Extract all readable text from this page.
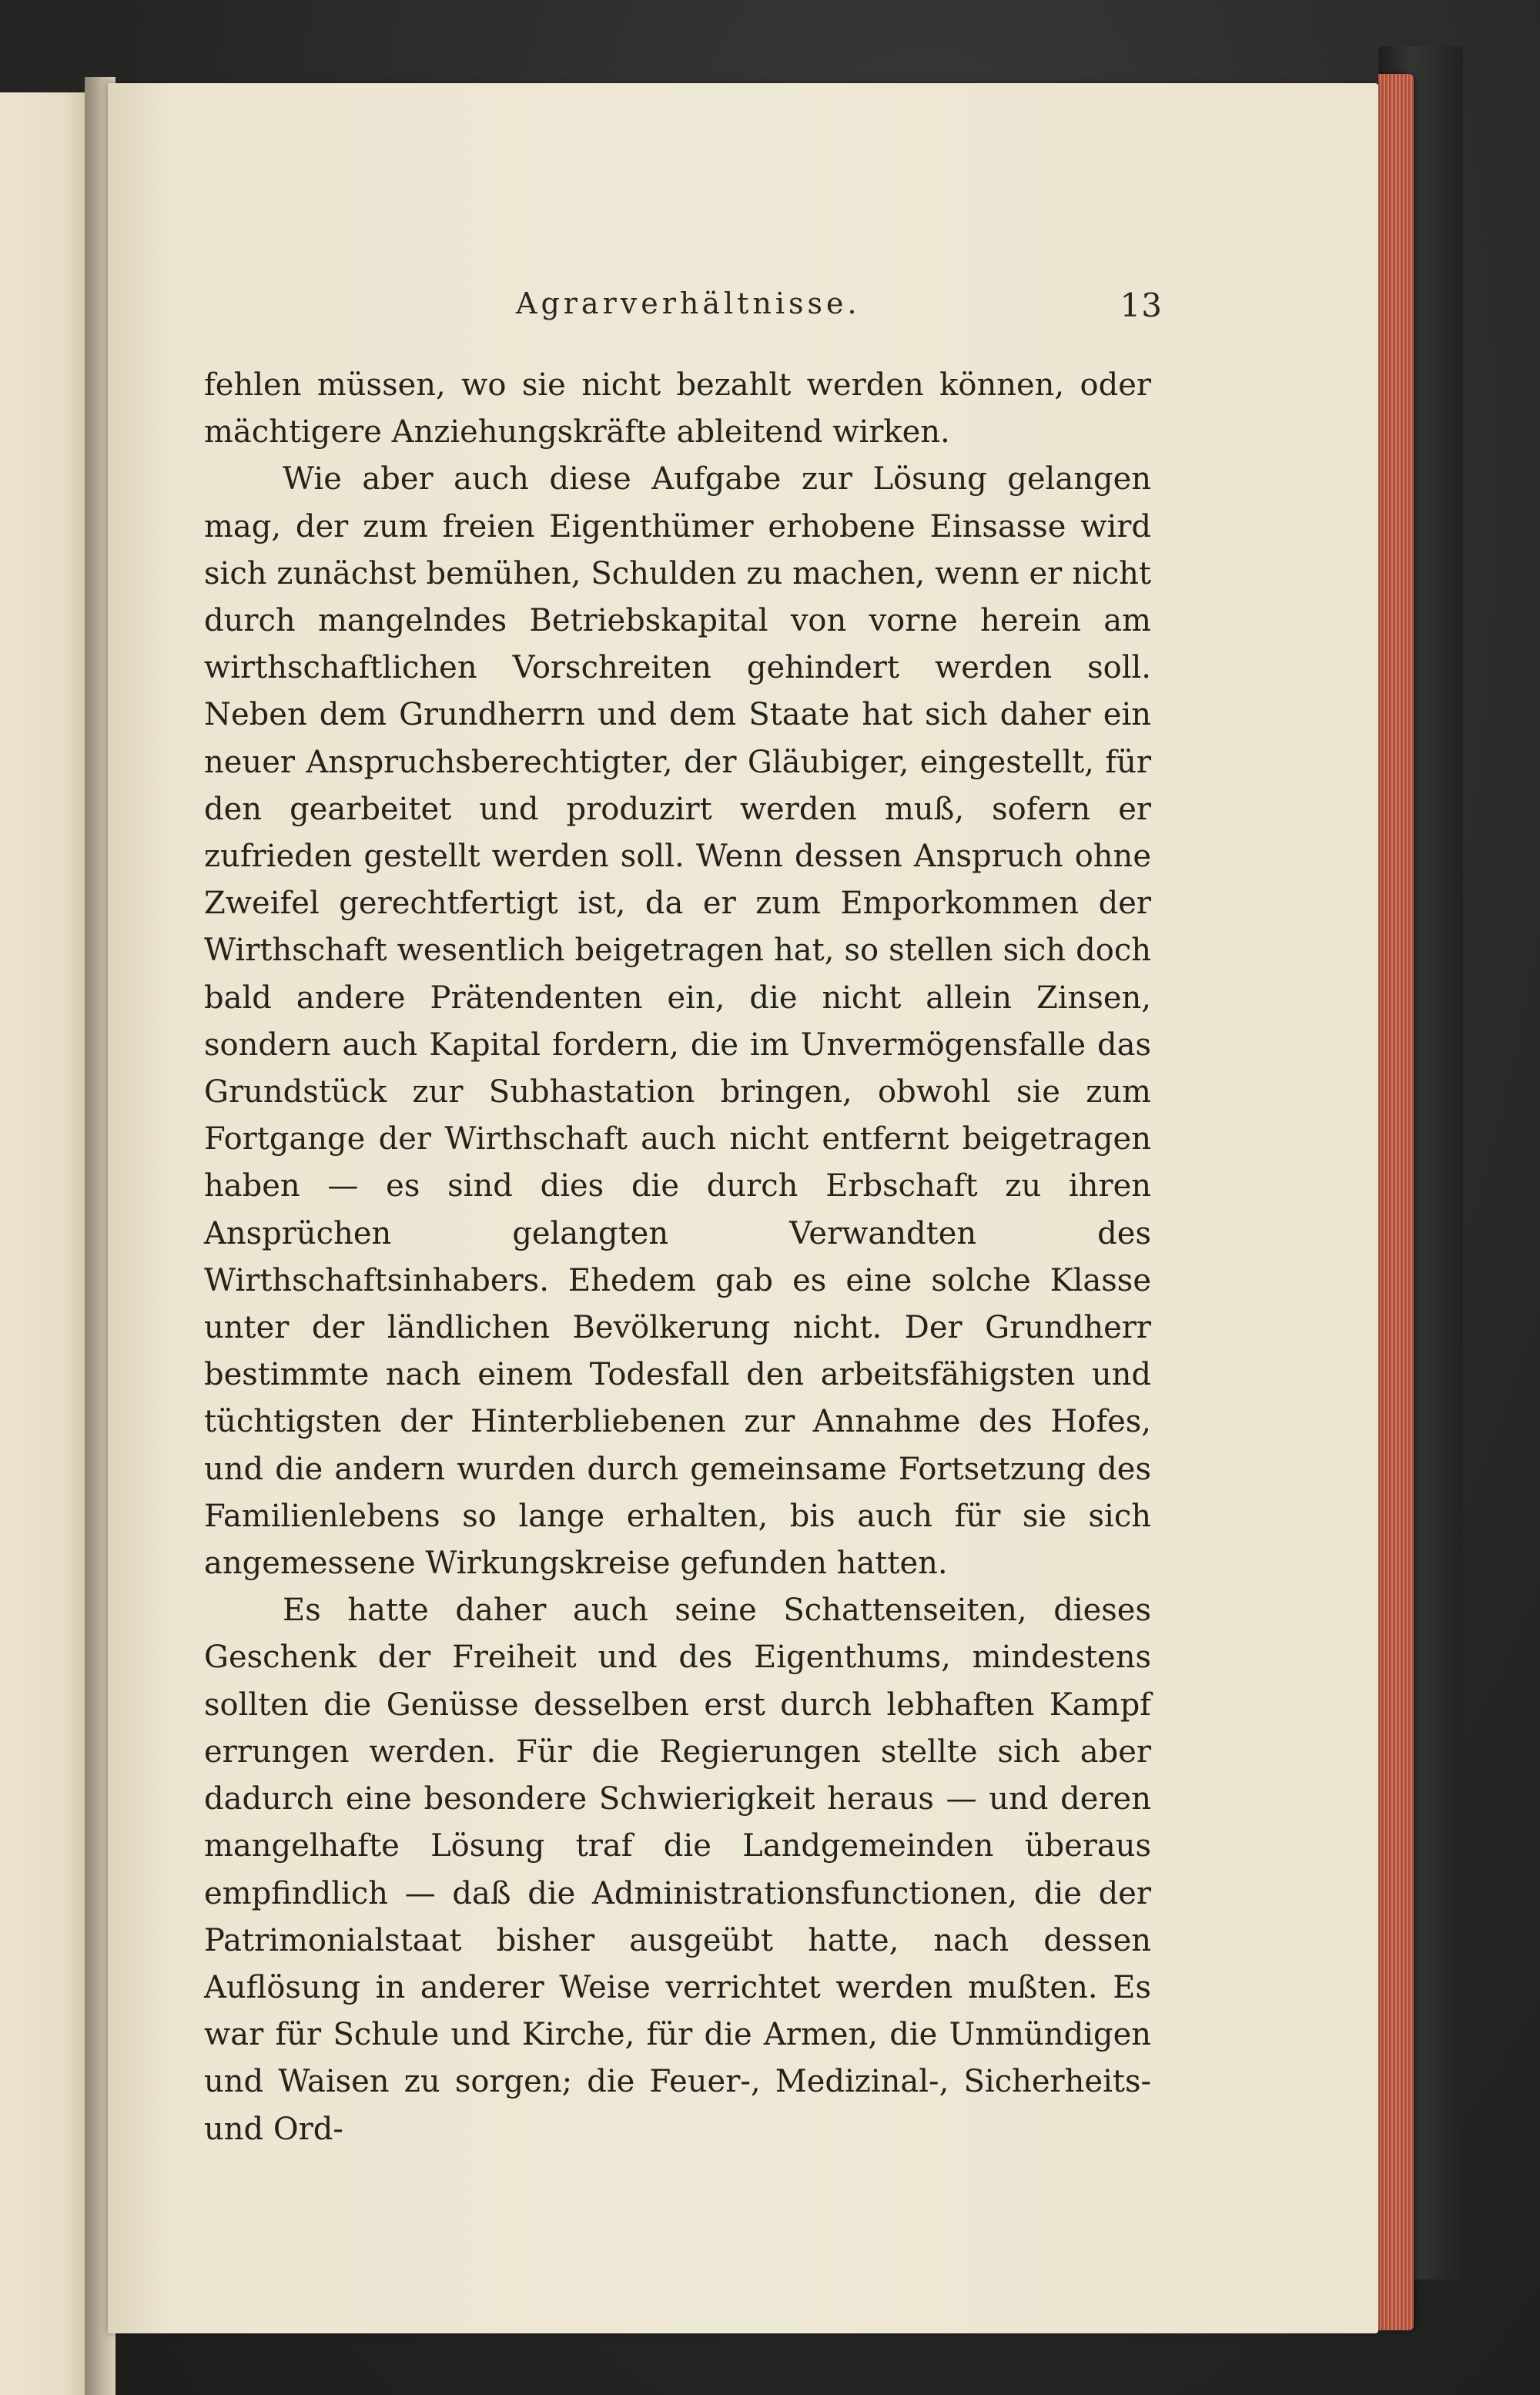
Agrarverhältnisse.	13

fehlen müssen, wo sie nicht bezahlt werden können, oder mächtigere Anziehungskräfte ableitend wirken.

Wie aber auch diese Aufgabe zur Lösung gelangen mag, der zum freien Eigenthümer erhobene Einsasse wird sich zunächst bemühen, Schulden zu machen, wenn er nicht durch mangelndes Betriebskapital von vorne herein am wirthschaftlichen Vorschreiten gehindert werden soll. Neben dem Grundherrn und dem Staate hat sich daher ein neuer Anspruchsberechtigter, der Gläubiger, eingestellt, für den gearbeitet und produzirt werden muß, sofern er zufrieden gestellt werden soll. Wenn dessen Anspruch ohne Zweifel gerechtfertigt ist, da er zum Emporkommen der Wirthschaft wesentlich beigetragen hat, so stellen sich doch bald andere Prätendenten ein, die nicht allein Zinsen, sondern auch Kapital fordern, die im Unvermögensfalle das Grundstück zur Subhastation bringen, obwohl sie zum Fortgange der Wirthschaft auch nicht entfernt beigetragen haben — es sind dies die durch Erbschaft zu ihren Ansprüchen gelangten Verwandten des Wirthschaftsinhabers. Ehedem gab es eine solche Klasse unter der ländlichen Bevölkerung nicht. Der Grundherr bestimmte nach einem Todesfall den arbeitsfähigsten und tüchtigsten der Hinterbliebenen zur Annahme des Hofes, und die andern wurden durch gemeinsame Fortsetzung des Familienlebens so lange erhalten, bis auch für sie sich angemessene Wirkungskreise gefunden hatten.

Es hatte daher auch seine Schattenseiten, dieses Geschenk der Freiheit und des Eigenthums, mindestens sollten die Genüsse desselben erst durch lebhaften Kampf errungen werden. Für die Regierungen stellte sich aber dadurch eine besondere Schwierigkeit heraus — und deren mangelhafte Lösung traf die Landgemeinden überaus empfindlich — daß die Administrationsfunctionen, die der Patrimonialstaat bisher ausgeübt hatte, nach dessen Auflösung in anderer Weise verrichtet werden mußten. Es war für Schule und Kirche, für die Armen, die Unmündigen und Waisen zu sorgen; die Feuer-, Medizinal-, Sicherheits- und Ord-
